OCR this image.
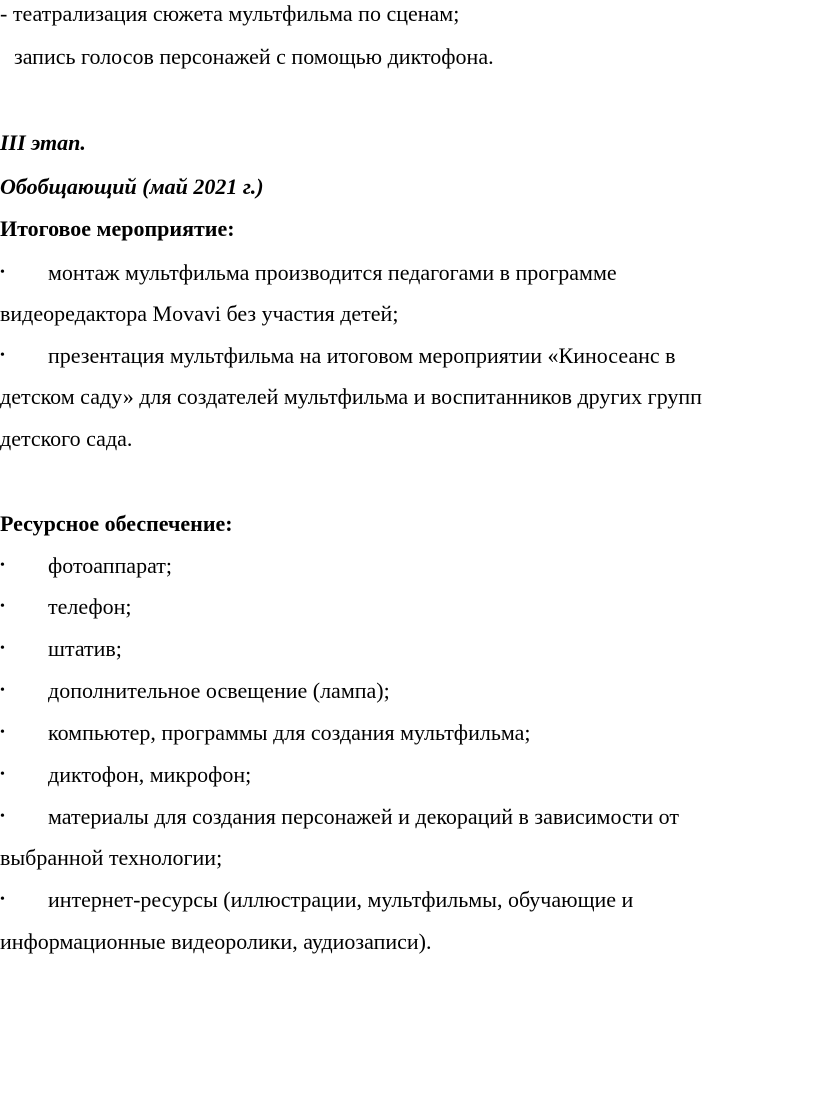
- театрализация сюжета мультфильма по сценам;
запись голосов персонажей с помощью диктофона.
III этап.
Обобщающий (май 2021 г.)
Итоговое мероприятие:
•
монтаж мультфильма производится педагогами в программе
видеоредактора Movavi без участия детей;
•
презентация мультфильма на итоговом мероприятии «Киносеанс в
детском саду» для создателей мультфильма и воспитанников других групп
детского сада.
Ресурсное обеспечение:
•
фотоаппарат;
•
телефон;
•
штатив;
•
дополнительное освещение (лампа);
•
компьютер, программы для создания мультфильма;
•
диктофон, микрофон;
•
материалы для создания персонажей и декораций в зависимости от
выбранной технологии;
•
интернет-ресурсы (иллюстрации, мультфильмы, обучающие и
информационные видеоролики, аудиозаписи).
